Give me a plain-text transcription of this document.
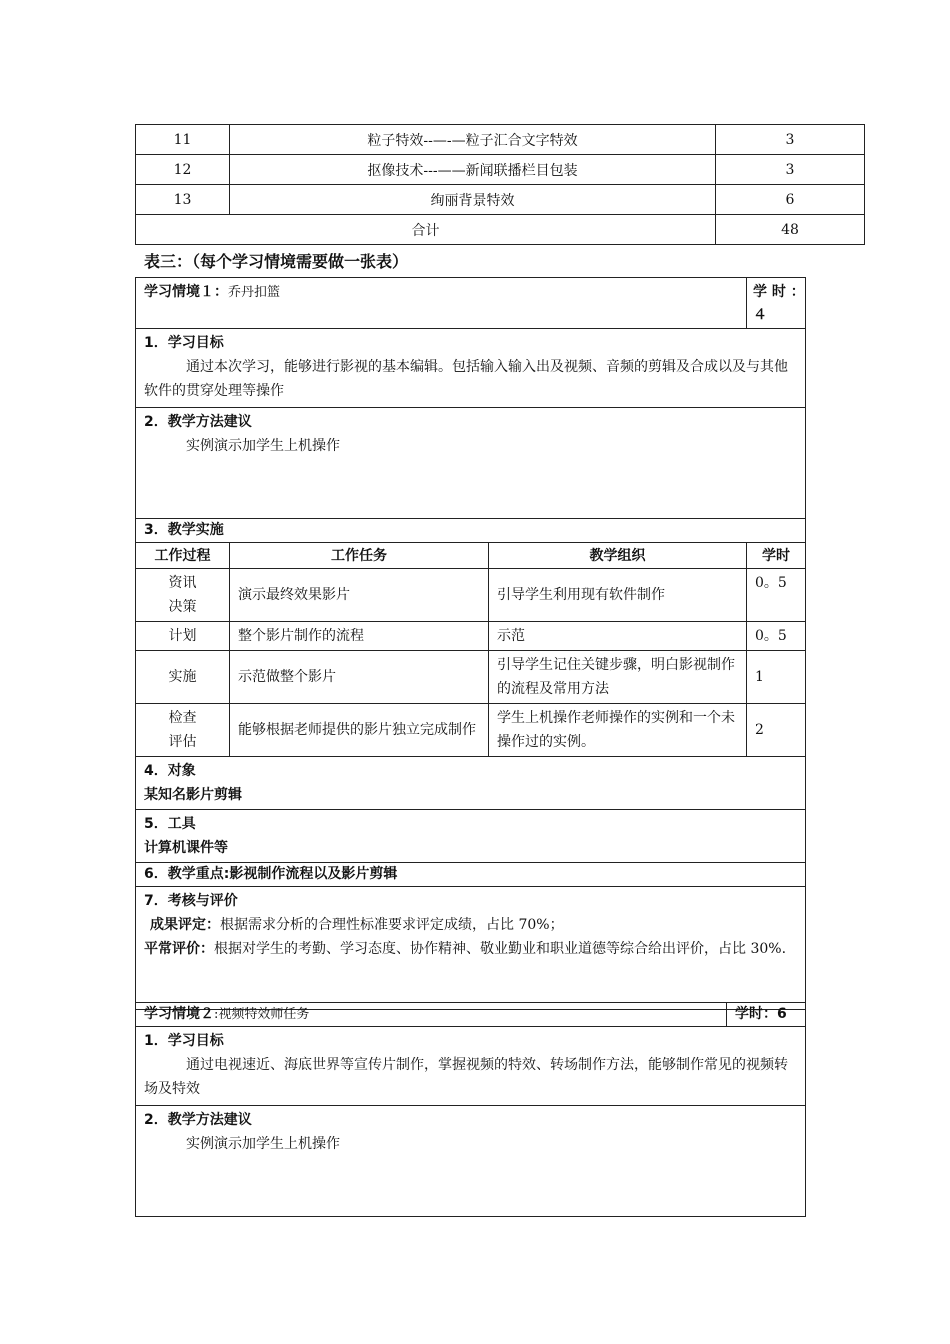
11	粒子特效--—-—粒子汇合文字特效	3
12	抠像技术---——新闻联播栏目包装	3
13	绚丽背景特效	6
合计		48
表三：（每个学习情境需要做一张表）
学习情境１：乔丹扣篮			学 时 ：
４

1．学习目标
通过本次学习，能够进行影视的基本编辑。包括输入输入出及视频、音频的剪辑及合成以及与其他软件的贯穿处理等操作			

2．教学方法建议
实例演示加学生上机操作			

3．教学实施			

工作过程	工作任务	教学组织	学时
资讯
决策	演示最终效果影片	引导学生利用现有软件制作	0。5
计划	整个影片制作的流程	示范	0。5
实施	示范做整个影片	引导学生记住关键步骤，明白影视制作的流程及常用方法	1
检查
评估	能够根据老师提供的影片独立完成制作	学生上机操作老师操作的实例和一个未操作过的实例。	2

4．对象
某知名影片剪辑			

5．工具
计算机课件等			

6．教学重点:影视制作流程以及影片剪辑			

7．考核与评价
成果评定：根据需求分析的合理性标准要求评定成绩，占比 70%；
平常评价：根据对学生的考勤、学习态度、协作精神、敬业勤业和职业道德等综合给出评价，占比 30%.			
学习情境２:视频特效师任务	学时：6

1．学习目标
通过电视速近、海底世界等宣传片制作，掌握视频的特效、转场制作方法，能够制作常见的视频转场及特效

2．教学方法建议
实例演示加学生上机操作
